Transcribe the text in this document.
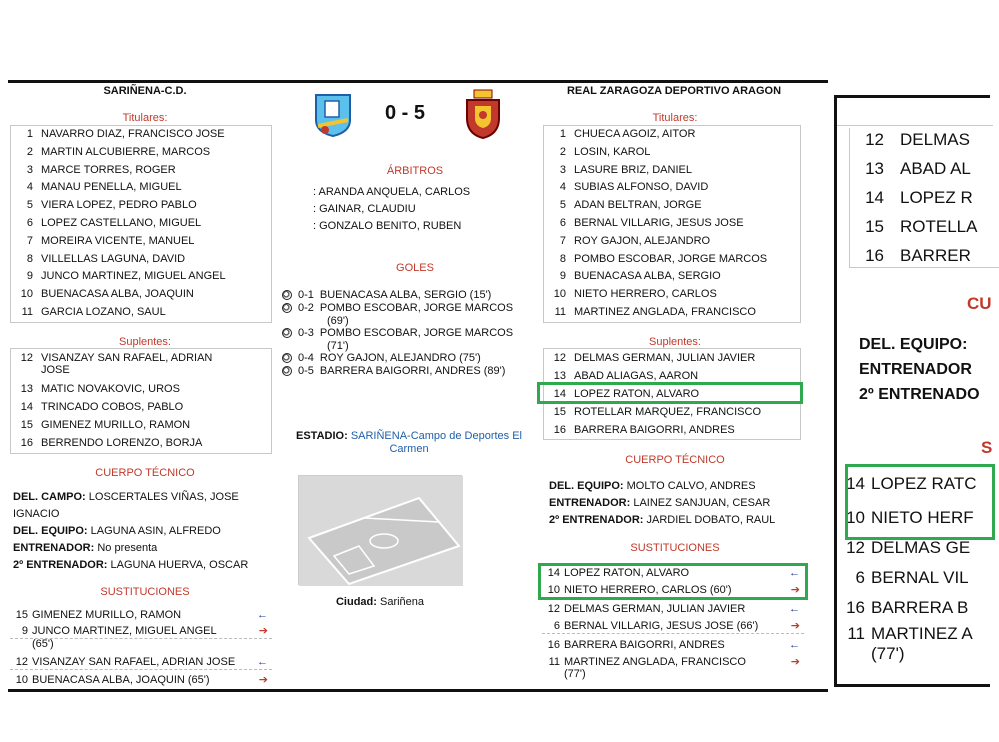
SARIÑENA-C.D.
Titulares:
1 NAVARRO DIAZ, FRANCISCO JOSE
2 MARTIN ALCUBIERRE, MARCOS
3 MARCE TORRES, ROGER
4 MANAU PENELLA, MIGUEL
5 VIERA LOPEZ, PEDRO PABLO
6 LOPEZ CASTELLANO, MIGUEL
7 MOREIRA VICENTE, MANUEL
8 VILLELLAS LAGUNA, DAVID
9 JUNCO MARTINEZ, MIGUEL ANGEL
10 BUENACASA ALBA, JOAQUIN
11 GARCIA LOZANO, SAUL
Suplentes:
12 VISANZAY SAN RAFAEL, ADRIAN
JOSE
13 MATIC NOVAKOVIC, UROS
14 TRINCADO COBOS, PABLO
15 GIMENEZ MURILLO, RAMON
16 BERRENDO LORENZO, BORJA
CUERPO TÉCNICO
DEL. CAMPO: LOSCERTALES VIÑAS, JOSE
IGNACIO
DEL. EQUIPO: LAGUNA ASIN, ALFREDO
ENTRENADOR: No presenta
2º ENTRENADOR: LAGUNA HUERVA, OSCAR
SUSTITUCIONES
15 GIMENEZ MURILLO, RAMON	←
9 JUNCO MARTINEZ, MIGUEL ANGEL	➔
(65')
12 VISANZAY SAN RAFAEL, ADRIAN JOSE ←
10 BUENACASA ALBA, JOAQUIN (65')	➔
0 - 5
ÁRBITROS
: ARANDA ANQUELA, CARLOS
: GAINAR, CLAUDIU
: GONZALO BENITO, RUBEN
GOLES
0-1 BUENACASA ALBA, SERGIO (15')
0-2 POMBO ESCOBAR, JORGE MARCOS
(69')
0-3 POMBO ESCOBAR, JORGE MARCOS
(71')
0-4 ROY GAJON, ALEJANDRO (75')
0-5 BARRERA BAIGORRI, ANDRES (89')
ESTADIO: SARIÑENA-Campo de Deportes El Carmen
Ciudad: Sariñena
REAL ZARAGOZA DEPORTIVO ARAGON
Titulares:
1 CHUECA AGOIZ, AITOR
2 LOSIN, KAROL
3 LASURE BRIZ, DANIEL
4 SUBIAS ALFONSO, DAVID
5 ADAN BELTRAN, JORGE
6 BERNAL VILLARIG, JESUS JOSE
7 ROY GAJON, ALEJANDRO
8 POMBO ESCOBAR, JORGE MARCOS
9 BUENACASA ALBA, SERGIO
10 NIETO HERRERO, CARLOS
11 MARTINEZ ANGLADA, FRANCISCO
Suplentes:
12 DELMAS GERMAN, JULIAN JAVIER
13 ABAD ALIAGAS, AARON
14 LOPEZ RATON, ALVARO
15 ROTELLAR MARQUEZ, FRANCISCO
16 BARRERA BAIGORRI, ANDRES
CUERPO TÉCNICO
DEL. EQUIPO: MOLTO CALVO, ANDRES
ENTRENADOR: LAINEZ SANJUAN, CESAR
2º ENTRENADOR: JARDIEL DOBATO, RAUL
SUSTITUCIONES
14 LOPEZ RATON, ALVARO	←
10 NIETO HERRERO, CARLOS (60')	➔
12 DELMAS GERMAN, JULIAN JAVIER	←
6 BERNAL VILLARIG, JESUS JOSE (66')	➔
16 BARRERA BAIGORRI, ANDRES	←
11 MARTINEZ ANGLADA, FRANCISCO	➔
(77')
12 DELMAS
13 ABAD AL
14 LOPEZ R
15 ROTELLA
16 BARRER
CU
DEL. EQUIPO:
ENTRENADOR
2º ENTRENADO
S
14 LOPEZ RATC
10 NIETO HERF
12 DELMAS GE
6 BERNAL VIL
16 BARRERA B
11 MARTINEZ A
(77')
